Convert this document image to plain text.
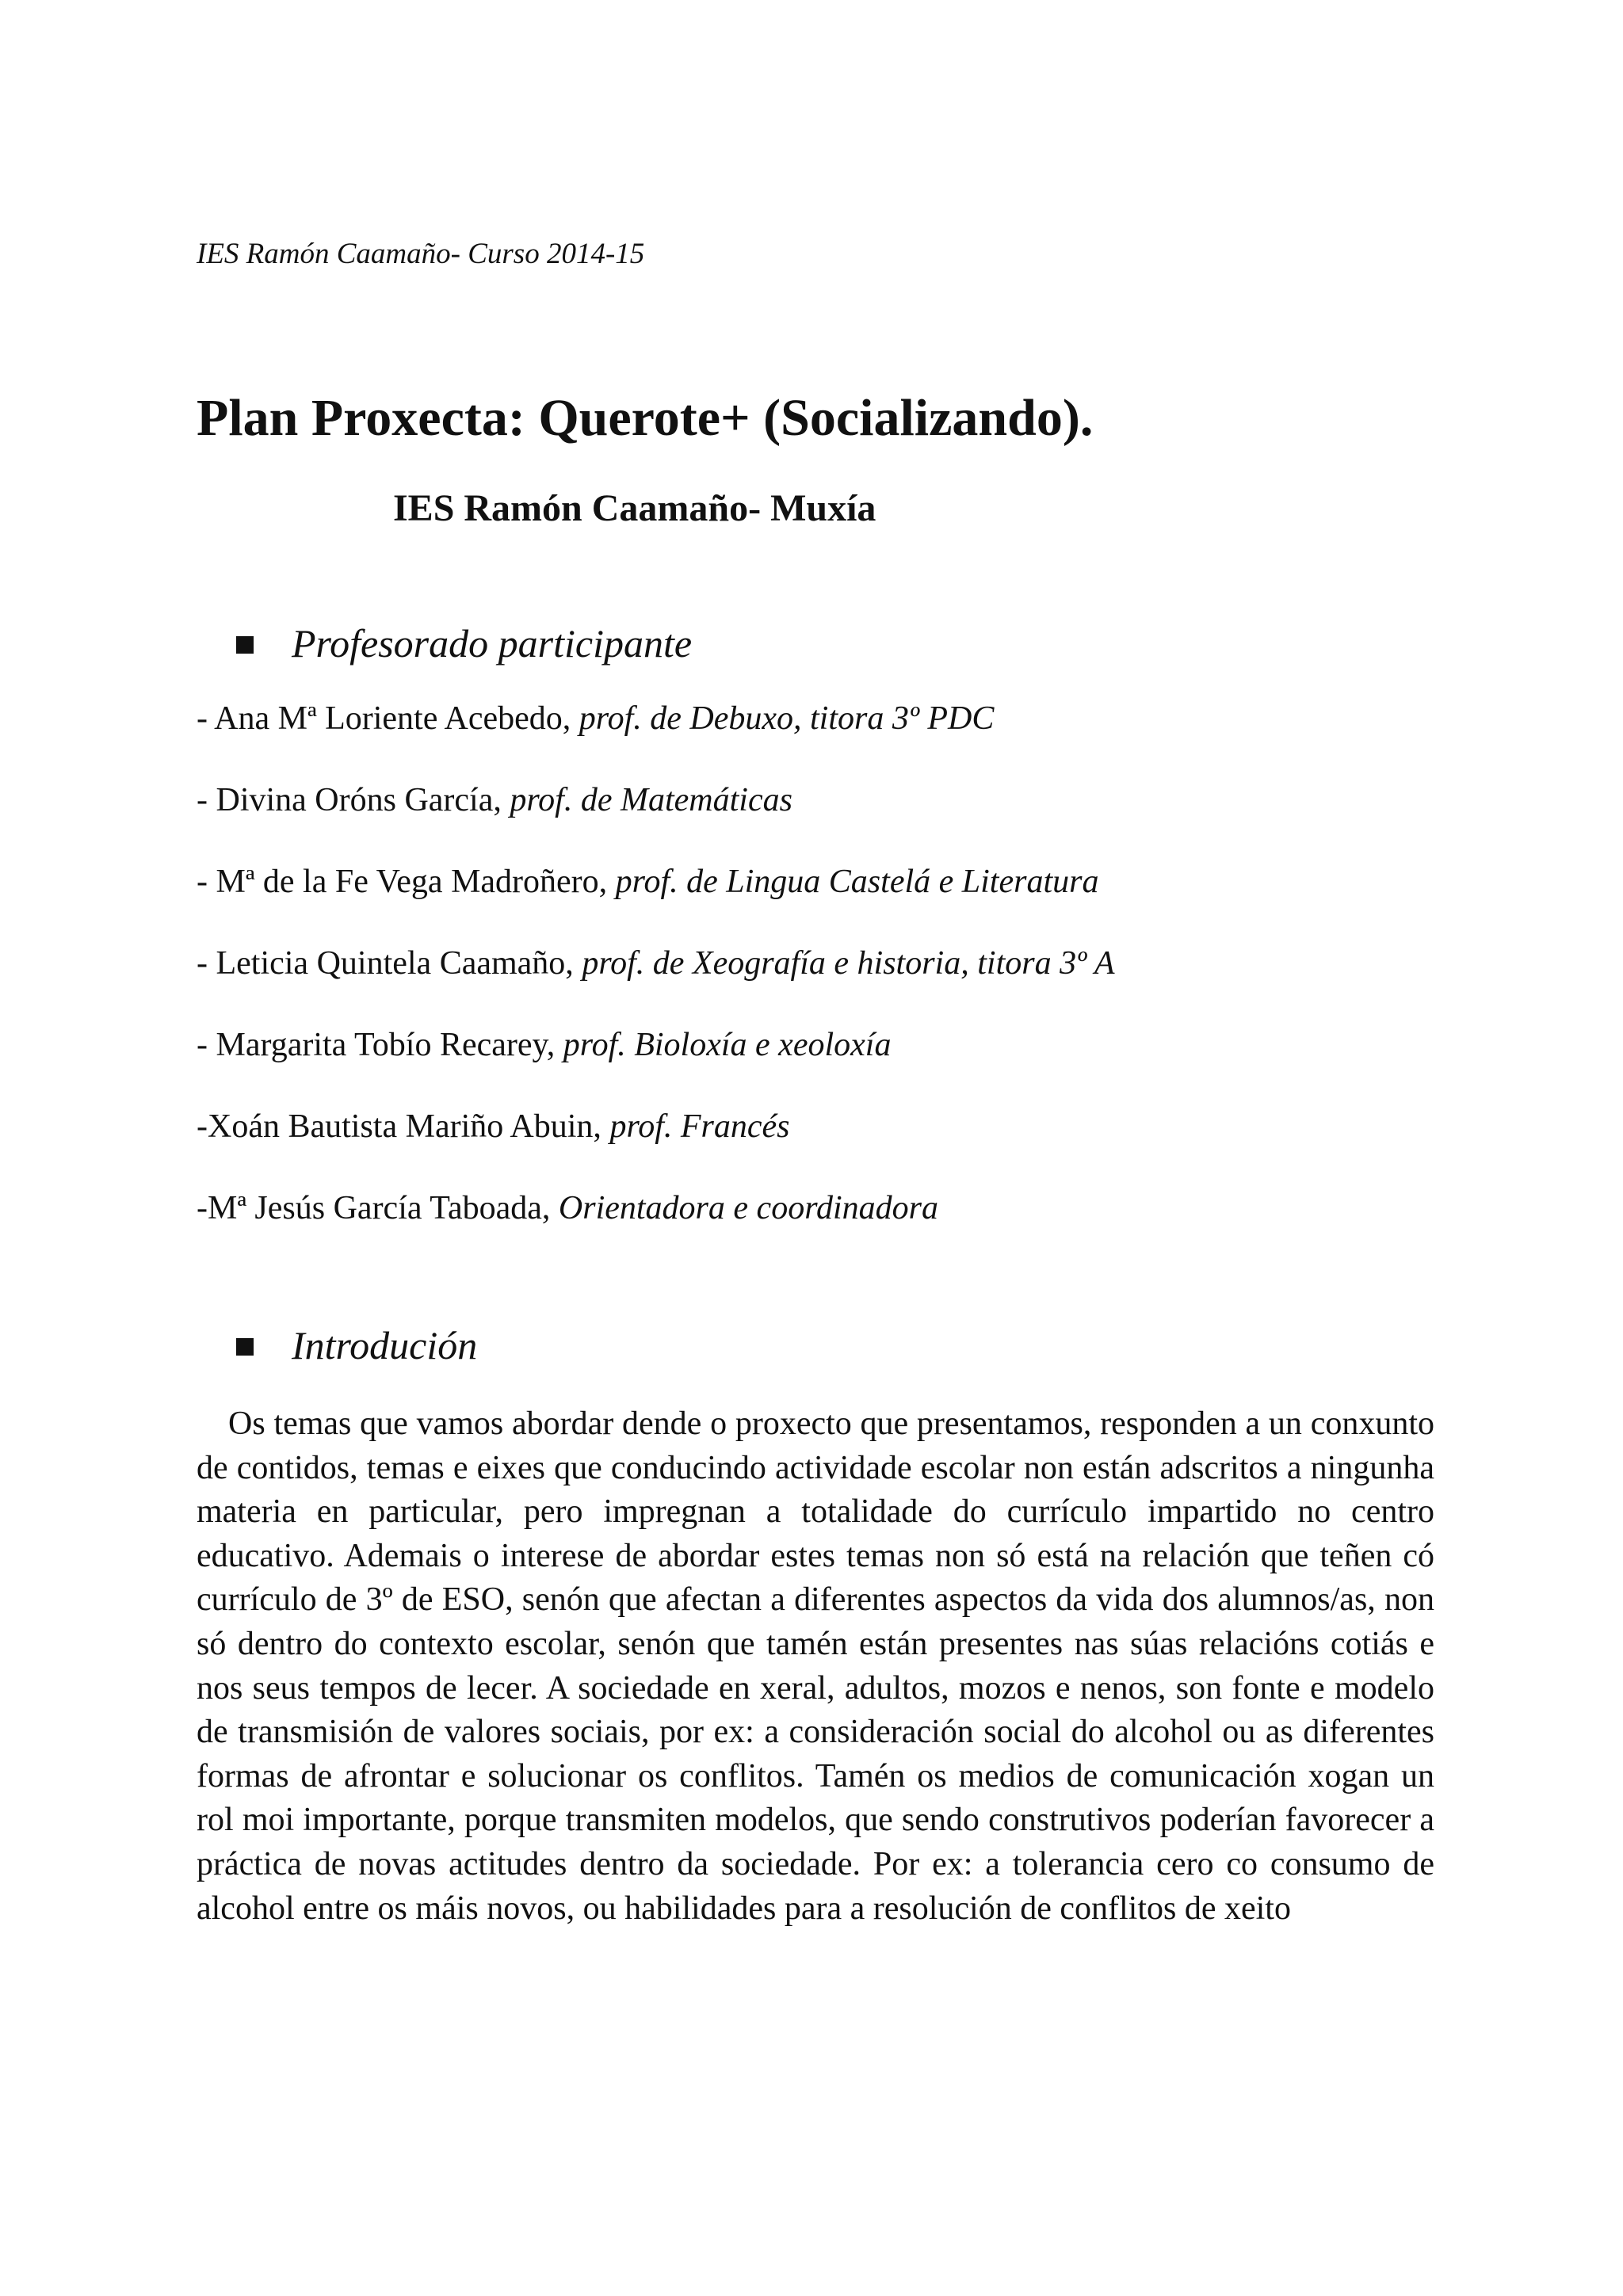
IES Ramón Caamaño- Curso 2014-15
Plan Proxecta: Querote+ (Socializando).
IES Ramón Caamaño- Muxía
Profesorado participante
- Ana Mª Loriente Acebedo, prof. de Debuxo, titora 3º PDC
- Divina Oróns García, prof. de Matemáticas
- Mª de la Fe Vega Madroñero, prof. de Lingua Castelá e Literatura
- Leticia Quintela Caamaño, prof. de Xeografía e historia, titora 3º A
- Margarita Tobío Recarey, prof. Bioloxía e xeoloxía
-Xoán Bautista Mariño Abuin, prof. Francés
-Mª Jesús García Taboada, Orientadora e coordinadora
Introdución

Os temas que vamos abordar dende o proxecto que presentamos, responden a un conxunto de contidos, temas e eixes que conducindo actividade escolar non están adscritos a ningunha materia en particular, pero impregnan a totalidade do currículo impartido no centro educativo. Ademais o interese de abordar estes temas non só está na relación que teñen có currículo de 3º de ESO, senón que afectan a diferentes aspectos da vida dos alumnos/as, non só dentro do contexto escolar, senón que tamén están presentes nas súas relacións cotiás e nos seus tempos de lecer. A sociedade en xeral, adultos, mozos e nenos, son fonte e modelo de transmisión de valores sociais, por ex: a consideración social do alcohol ou as diferentes formas de afrontar e solucionar os conflitos. Tamén os medios de comunicación xogan un rol moi importante, porque transmiten modelos, que sendo construtivos poderían favorecer a práctica de novas actitudes dentro da sociedade. Por ex: a tolerancia cero co consumo de alcohol entre os máis novos, ou habilidades para a resolución de conflitos de xeito
